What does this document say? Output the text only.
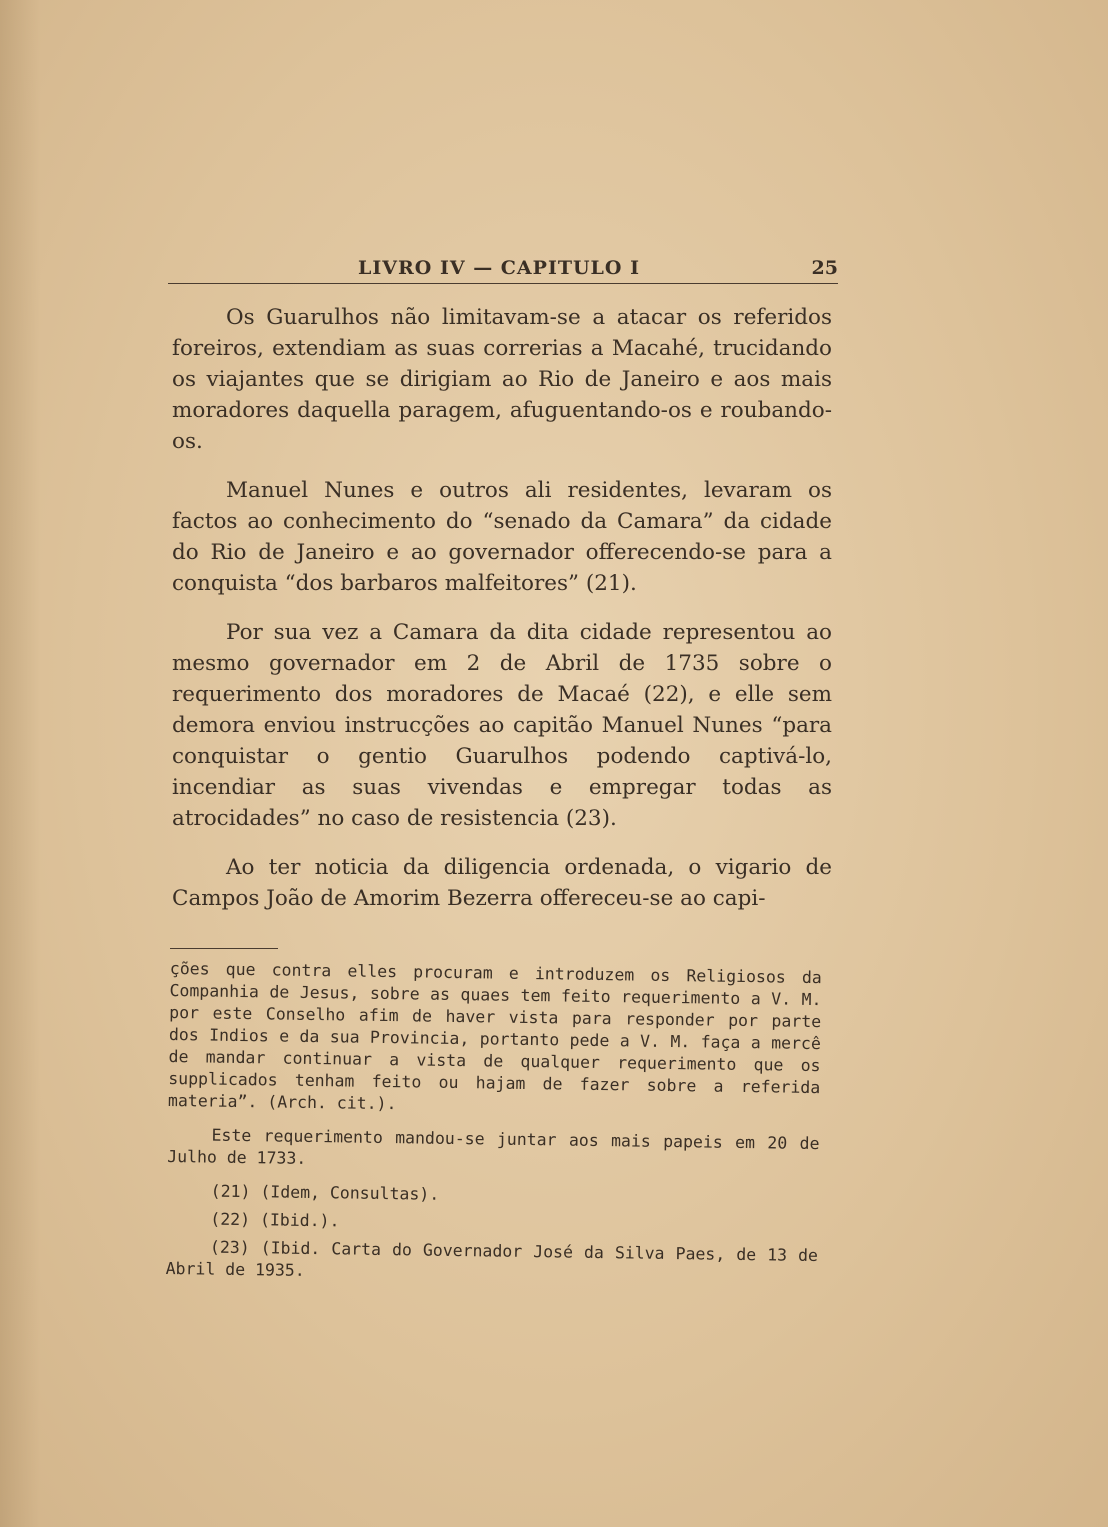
LIVRO IV — CAPITULO I	25

Os Guarulhos não limitavam-se a atacar os referidos foreiros, extendiam as suas correrias a Macahé, trucidando os viajantes que se dirigiam ao Rio de Janeiro e aos mais moradores daquella paragem, afuguentando-os e roubando-os.

Manuel Nunes e outros ali residentes, levaram os factos ao conhecimento do “senado da Camara” da cidade do Rio de Janeiro e ao governador offerecendo-se para a conquista “dos barbaros malfeitores” (21).

Por sua vez a Camara da dita cidade representou ao mesmo governador em 2 de Abril de 1735 sobre o requerimento dos moradores de Macaé (22), e elle sem demora enviou instrucções ao capitão Manuel Nunes “para conquistar o gentio Guarulhos podendo captivá-lo, incendiar as suas vivendas e empregar todas as atrocidades” no caso de resistencia (23).

Ao ter noticia da diligencia ordenada, o vigario de Campos João de Amorim Bezerra offereceu-se ao capi-

ções que contra elles procuram e introduzem os Religiosos da Companhia de Jesus, sobre as quaes tem feito requerimento a V. M. por este Conselho afim de haver vista para responder por parte dos Indios e da sua Provincia, portanto pede a V. M. faça a mercê de mandar continuar a vista de qualquer requerimento que os supplicados tenham feito ou hajam de fazer sobre a referida materia”. (Arch. cit.).

Este requerimento mandou-se juntar aos mais papeis em 20 de Julho de 1733.

(21) (Idem, Consultas).

(22) (Ibid.).

(23) (Ibid. Carta do Governador José da Silva Paes, de 13 de Abril de 1935.
